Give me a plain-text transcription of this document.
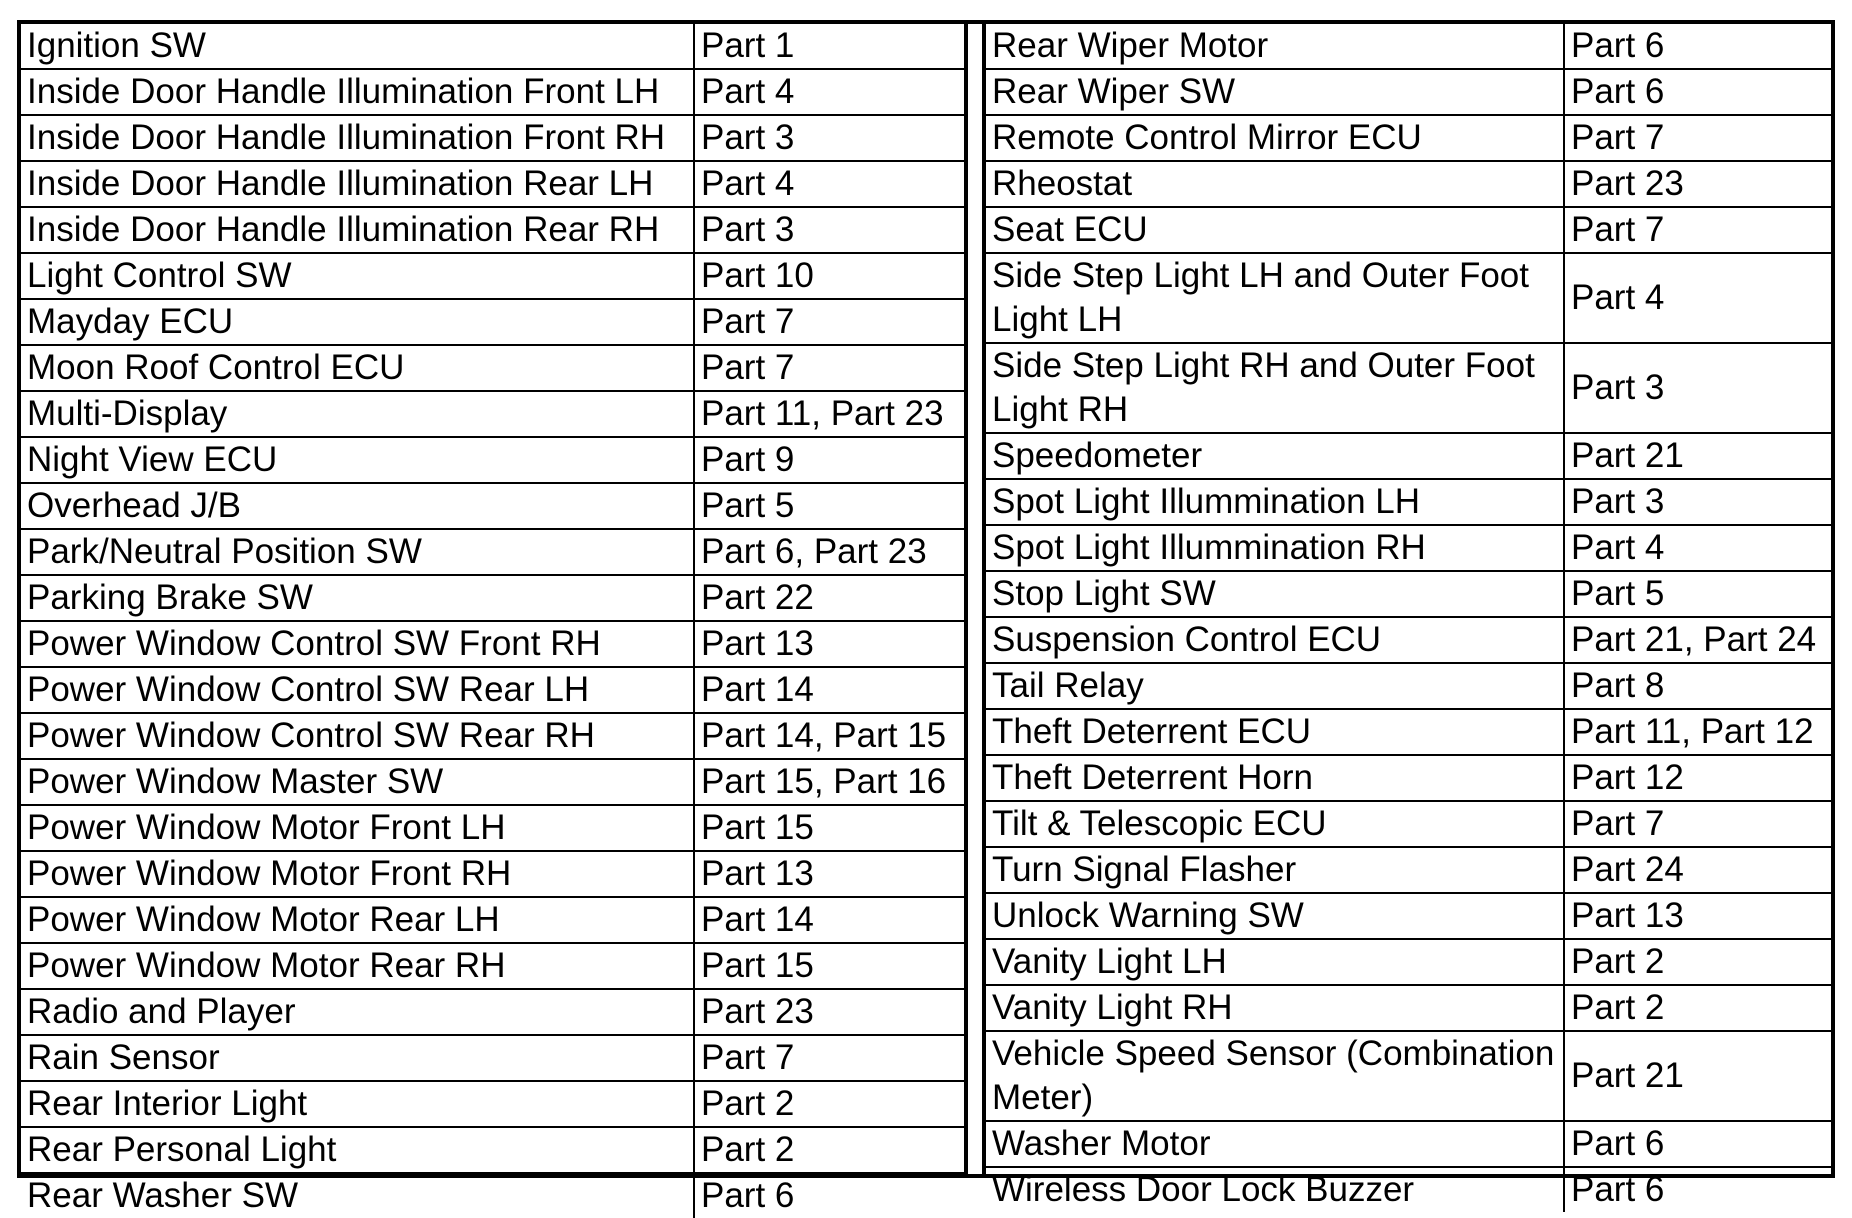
Ignition SW	Part 1
Inside Door Handle Illumination Front LH	Part 4
Inside Door Handle Illumination Front RH	Part 3
Inside Door Handle Illumination Rear LH	Part 4
Inside Door Handle Illumination Rear RH	Part 3
Light Control SW	Part 10
Mayday ECU	Part 7
Moon Roof Control ECU	Part 7
Multi-Display	Part 11, Part 23
Night View ECU	Part 9
Overhead J/B	Part 5
Park/Neutral Position SW	Part 6, Part 23
Parking Brake SW	Part 22
Power Window Control SW Front RH	Part 13
Power Window Control SW Rear LH	Part 14
Power Window Control SW Rear RH	Part 14, Part 15
Power Window Master SW	Part 15, Part 16
Power Window Motor Front LH	Part 15
Power Window Motor Front RH	Part 13
Power Window Motor Rear LH	Part 14
Power Window Motor Rear RH	Part 15
Radio and Player	Part 23
Rain Sensor	Part 7
Rear Interior Light	Part 2
Rear Personal Light	Part 2
Rear Washer SW	Part 6
Rear Wiper Motor	Part 6
Rear Wiper SW	Part 6
Remote Control Mirror ECU	Part 7
Rheostat	Part 23
Seat ECU	Part 7
Side Step Light LH and Outer Foot Light LH	Part 4
Side Step Light RH and Outer Foot Light RH	Part 3
Speedometer	Part 21
Spot Light Illummination LH	Part 3
Spot Light Illummination RH	Part 4
Stop Light SW	Part 5
Suspension Control ECU	Part 21, Part 24
Tail Relay	Part 8
Theft Deterrent ECU	Part 11, Part 12
Theft Deterrent Horn	Part 12
Tilt & Telescopic ECU	Part 7
Turn Signal Flasher	Part 24
Unlock Warning SW	Part 13
Vanity Light LH	Part 2
Vanity Light RH	Part 2
Vehicle Speed Sensor (Combination Meter)	Part 21
Washer Motor	Part 6
Wireless Door Lock Buzzer	Part 6
